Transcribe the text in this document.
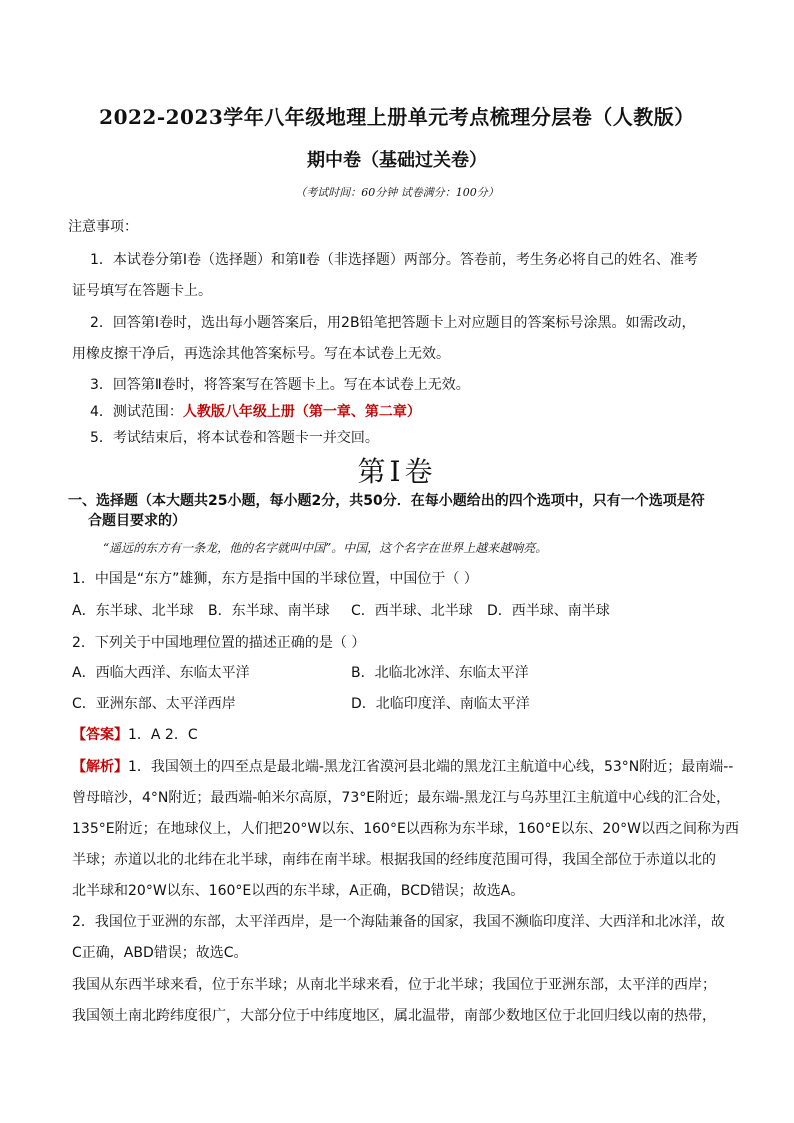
2022-2023学年八年级地理上册单元考点梳理分层卷（人教版）
期中卷（基础过关卷）
（考试时间：60分钟 试卷满分：100分）
注意事项：
1．本试卷分第Ⅰ卷（选择题）和第Ⅱ卷（非选择题）两部分。答卷前，考生务必将自己的姓名、准考
证号填写在答题卡上。
2．回答第Ⅰ卷时，选出每小题答案后，用2B铅笔把答题卡上对应题目的答案标号涂黑。如需改动，
用橡皮擦干净后，再选涂其他答案标号。写在本试卷上无效。
3．回答第Ⅱ卷时，将答案写在答题卡上。写在本试卷上无效。
4．测试范围：人教版八年级上册（第一章、第二章）
5．考试结束后，将本试卷和答题卡一并交回。
第Ⅰ卷
一、选择题（本大题共25小题，每小题2分，共50分．在每小题给出的四个选项中，只有一个选项是符
合题目要求的）
“遥远的东方有一条龙，他的名字就叫中国”。中国，这个名字在世界上越来越响亮。
1．中国是“东方”雄狮，东方是指中国的半球位置，中国位于（ ）
A．东半球、北半球 B．东半球、南半球 C．西半球、北半球 D．西半球、南半球
2．下列关于中国地理位置的描述正确的是（ ）
A．西临大西洋、东临太平洋	B．北临北冰洋、东临太平洋
C．亚洲东部、太平洋西岸	D．北临印度洋、南临太平洋
【答案】1．A 2．C
【解析】1．我国领土的四至点是最北端-黑龙江省漠河县北端的黑龙江主航道中心线，53°N附近；最南端--
曾母暗沙，4°N附近；最西端-帕米尔高原，73°E附近；最东端-黑龙江与乌苏里江主航道中心线的汇合处，
135°E附近；在地球仪上，人们把20°W以东、160°E以西称为东半球，160°E以东、20°W以西之间称为西
半球；赤道以北的北纬在北半球，南纬在南半球。根据我国的经纬度范围可得，我国全部位于赤道以北的
北半球和20°W以东、160°E以西的东半球，A正确，BCD错误；故选A。
2．我国位于亚洲的东部，太平洋西岸，是一个海陆兼备的国家，我国不濒临印度洋、大西洋和北冰洋，故
C正确，ABD错误；故选C。
我国从东西半球来看，位于东半球；从南北半球来看，位于北半球；我国位于亚洲东部，太平洋的西岸；
我国领土南北跨纬度很广，大部分位于中纬度地区，属北温带，南部少数地区位于北回归线以南的热带，
